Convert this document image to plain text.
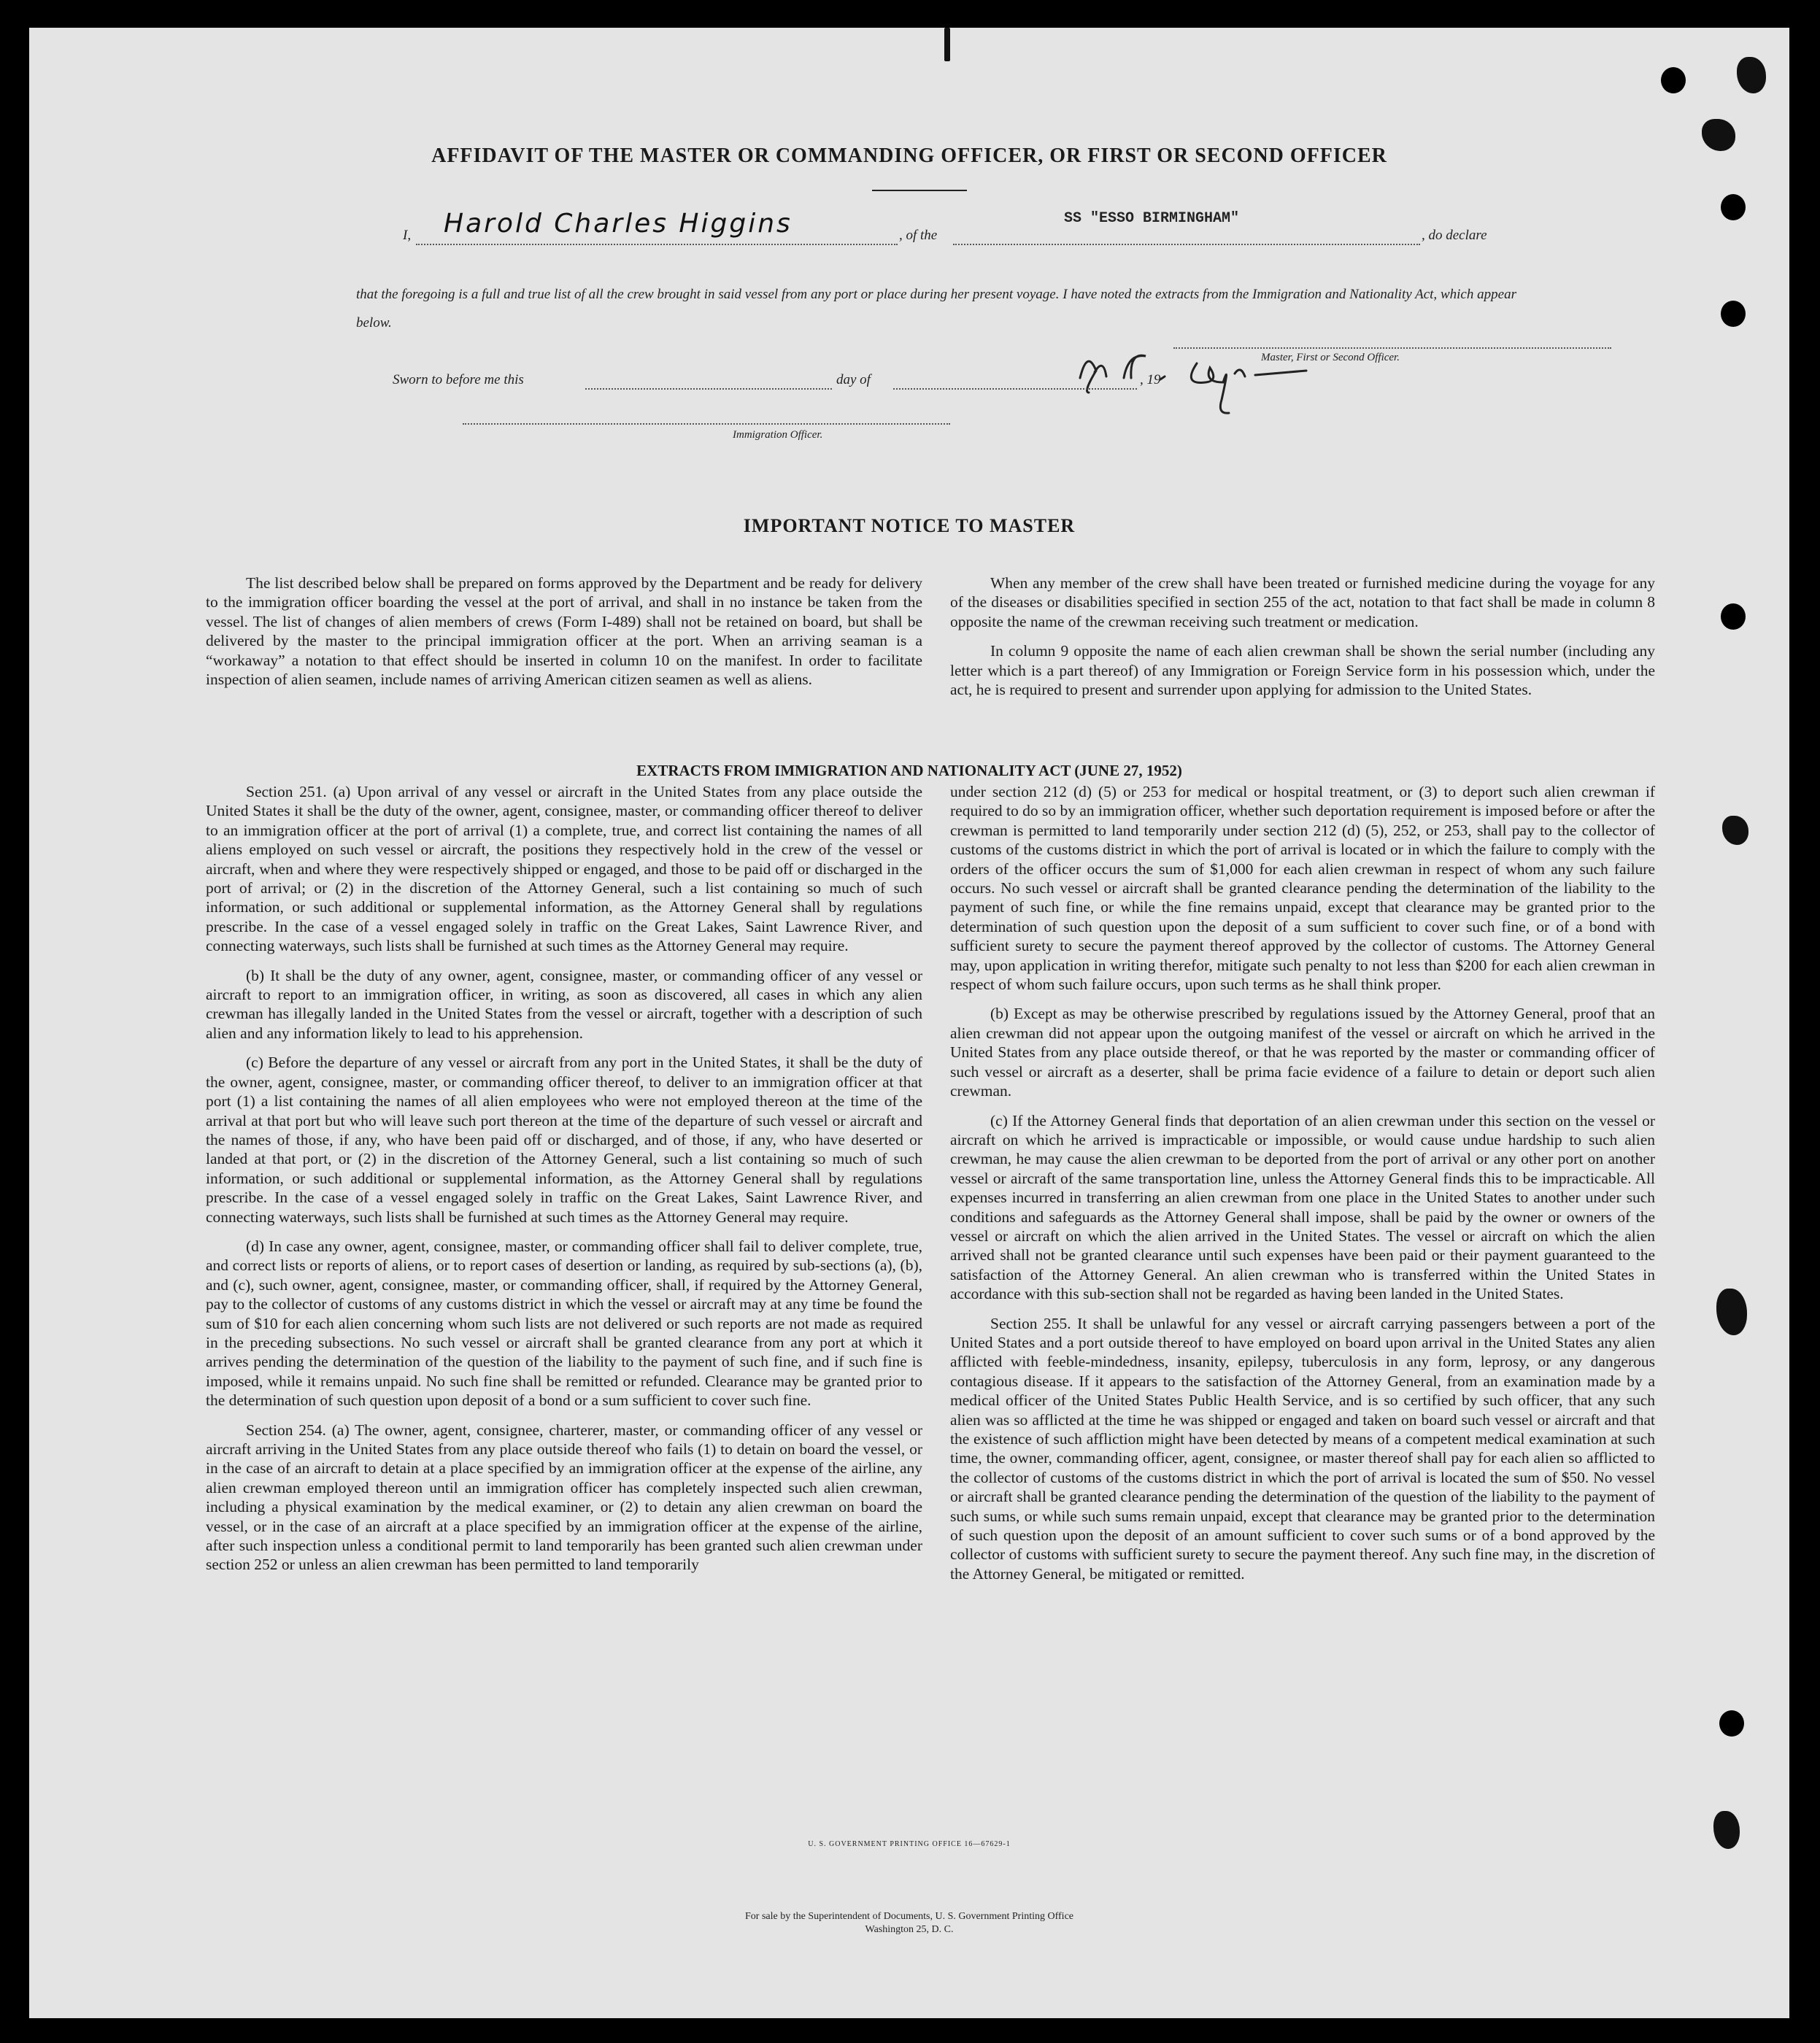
AFFIDAVIT OF THE MASTER OR COMMANDING OFFICER, OR FIRST OR SECOND OFFICER
I, Harold Charles Higgins	, of the
SS "ESSO BIRMINGHAM"
, do declare
that the foregoing is a full and true list of all the crew brought in said vessel from any port or place during her present voyage. I have noted the extracts from the Immigration and Nationality Act, which appear below.
Master, First or Second Officer.
Sworn to before me this	day of	, 19
Immigration Officer.
IMPORTANT NOTICE TO MASTER

The list described below shall be prepared on forms approved by the Department and be ready for delivery to the immigration officer boarding the vessel at the port of arrival, and shall in no instance be taken from the vessel. The list of changes of alien members of crews (Form I-489) shall not be retained on board, but shall be delivered by the master to the principal immigration officer at the port. When an arriving seaman is a “workaway” a notation to that effect should be inserted in column 10 on the manifest. In order to facilitate inspection of alien seamen, include names of arriving American citizen seamen as well as aliens.

When any member of the crew shall have been treated or furnished medicine during the voyage for any of the diseases or disabilities specified in section 255 of the act, notation to that fact shall be made in column 8 opposite the name of the crewman receiving such treatment or medication.

In column 9 opposite the name of each alien crewman shall be shown the serial number (including any letter which is a part thereof) of any Immigration or Foreign Service form in his possession which, under the act, he is required to present and surrender upon applying for admission to the United States.

EXTRACTS FROM IMMIGRATION AND NATIONALITY ACT (JUNE 27, 1952)

Section 251. (a) Upon arrival of any vessel or aircraft in the United States from any place outside the United States it shall be the duty of the owner, agent, consignee, master, or commanding officer thereof to deliver to an immigration officer at the port of arrival (1) a complete, true, and correct list containing the names of all aliens employed on such vessel or aircraft, the positions they respectively hold in the crew of the vessel or aircraft, when and where they were respectively shipped or engaged, and those to be paid off or discharged in the port of arrival; or (2) in the discretion of the Attorney General, such a list containing so much of such information, or such additional or supplemental information, as the Attorney General shall by regulations prescribe. In the case of a vessel engaged solely in traffic on the Great Lakes, Saint Lawrence River, and connecting waterways, such lists shall be furnished at such times as the Attorney General may require.

(b) It shall be the duty of any owner, agent, consignee, master, or commanding officer of any vessel or aircraft to report to an immigration officer, in writing, as soon as discovered, all cases in which any alien crewman has illegally landed in the United States from the vessel or aircraft, together with a description of such alien and any information likely to lead to his apprehension.

(c) Before the departure of any vessel or aircraft from any port in the United States, it shall be the duty of the owner, agent, consignee, master, or commanding officer thereof, to deliver to an immigration officer at that port (1) a list containing the names of all alien employees who were not employed thereon at the time of the arrival at that port but who will leave such port thereon at the time of the departure of such vessel or aircraft and the names of those, if any, who have been paid off or discharged, and of those, if any, who have deserted or landed at that port, or (2) in the discretion of the Attorney General, such a list containing so much of such information, or such additional or supplemental information, as the Attorney General shall by regulations prescribe. In the case of a vessel engaged solely in traffic on the Great Lakes, Saint Lawrence River, and connecting waterways, such lists shall be furnished at such times as the Attorney General may require.

(d) In case any owner, agent, consignee, master, or commanding officer shall fail to deliver complete, true, and correct lists or reports of aliens, or to report cases of desertion or landing, as required by sub-sections (a), (b), and (c), such owner, agent, consignee, master, or commanding officer, shall, if required by the Attorney General, pay to the collector of customs of any customs district in which the vessel or aircraft may at any time be found the sum of $10 for each alien concerning whom such lists are not delivered or such reports are not made as required in the preceding subsections. No such vessel or aircraft shall be granted clearance from any port at which it arrives pending the determination of the question of the liability to the payment of such fine, and if such fine is imposed, while it remains unpaid. No such fine shall be remitted or refunded. Clearance may be granted prior to the determination of such question upon deposit of a bond or a sum sufficient to cover such fine.

Section 254. (a) The owner, agent, consignee, charterer, master, or commanding officer of any vessel or aircraft arriving in the United States from any place outside thereof who fails (1) to detain on board the vessel, or in the case of an aircraft to detain at a place specified by an immigration officer at the expense of the airline, any alien crewman employed thereon until an immigration officer has completely inspected such alien crewman, including a physical examination by the medical examiner, or (2) to detain any alien crewman on board the vessel, or in the case of an aircraft at a place specified by an immigration officer at the expense of the airline, after such inspection unless a conditional permit to land temporarily has been granted such alien crewman under section 252 or unless an alien crewman has been permitted to land temporarily

under section 212 (d) (5) or 253 for medical or hospital treatment, or (3) to deport such alien crewman if required to do so by an immigration officer, whether such deportation requirement is imposed before or after the crewman is permitted to land temporarily under section 212 (d) (5), 252, or 253, shall pay to the collector of customs of the customs district in which the port of arrival is located or in which the failure to comply with the orders of the officer occurs the sum of $1,000 for each alien crewman in respect of whom any such failure occurs. No such vessel or aircraft shall be granted clearance pending the determination of the liability to the payment of such fine, or while the fine remains unpaid, except that clearance may be granted prior to the determination of such question upon the deposit of a sum sufficient to cover such fine, or of a bond with sufficient surety to secure the payment thereof approved by the collector of customs. The Attorney General may, upon application in writing therefor, mitigate such penalty to not less than $200 for each alien crewman in respect of whom such failure occurs, upon such terms as he shall think proper.

(b) Except as may be otherwise prescribed by regulations issued by the Attorney General, proof that an alien crewman did not appear upon the outgoing manifest of the vessel or aircraft on which he arrived in the United States from any place outside thereof, or that he was reported by the master or commanding officer of such vessel or aircraft as a deserter, shall be prima facie evidence of a failure to detain or deport such alien crewman.

(c) If the Attorney General finds that deportation of an alien crewman under this section on the vessel or aircraft on which he arrived is impracticable or impossible, or would cause undue hardship to such alien crewman, he may cause the alien crewman to be deported from the port of arrival or any other port on another vessel or aircraft of the same transportation line, unless the Attorney General finds this to be impracticable. All expenses incurred in transferring an alien crewman from one place in the United States to another under such conditions and safeguards as the Attorney General shall impose, shall be paid by the owner or owners of the vessel or aircraft on which the alien arrived in the United States. The vessel or aircraft on which the alien arrived shall not be granted clearance until such expenses have been paid or their payment guaranteed to the satisfaction of the Attorney General. An alien crewman who is transferred within the United States in accordance with this sub-section shall not be regarded as having been landed in the United States.

Section 255. It shall be unlawful for any vessel or aircraft carrying passengers between a port of the United States and a port outside thereof to have employed on board upon arrival in the United States any alien afflicted with feeble-mindedness, insanity, epilepsy, tuberculosis in any form, leprosy, or any dangerous contagious disease. If it appears to the satisfaction of the Attorney General, from an examination made by a medical officer of the United States Public Health Service, and is so certified by such officer, that any such alien was so afflicted at the time he was shipped or engaged and taken on board such vessel or aircraft and that the existence of such affliction might have been detected by means of a competent medical examination at such time, the owner, commanding officer, agent, consignee, or master thereof shall pay for each alien so afflicted to the collector of customs of the customs district in which the port of arrival is located the sum of $50. No vessel or aircraft shall be granted clearance pending the determination of the question of the liability to the payment of such sums, or while such sums remain unpaid, except that clearance may be granted prior to the determination of such question upon the deposit of an amount sufficient to cover such sums or of a bond approved by the collector of customs with sufficient surety to secure the payment thereof. Any such fine may, in the discretion of the Attorney General, be mitigated or remitted.

U. S. GOVERNMENT PRINTING OFFICE 16—67629-1
For sale by the Superintendent of Documents, U. S. Government Printing Office
Washington 25, D. C.
